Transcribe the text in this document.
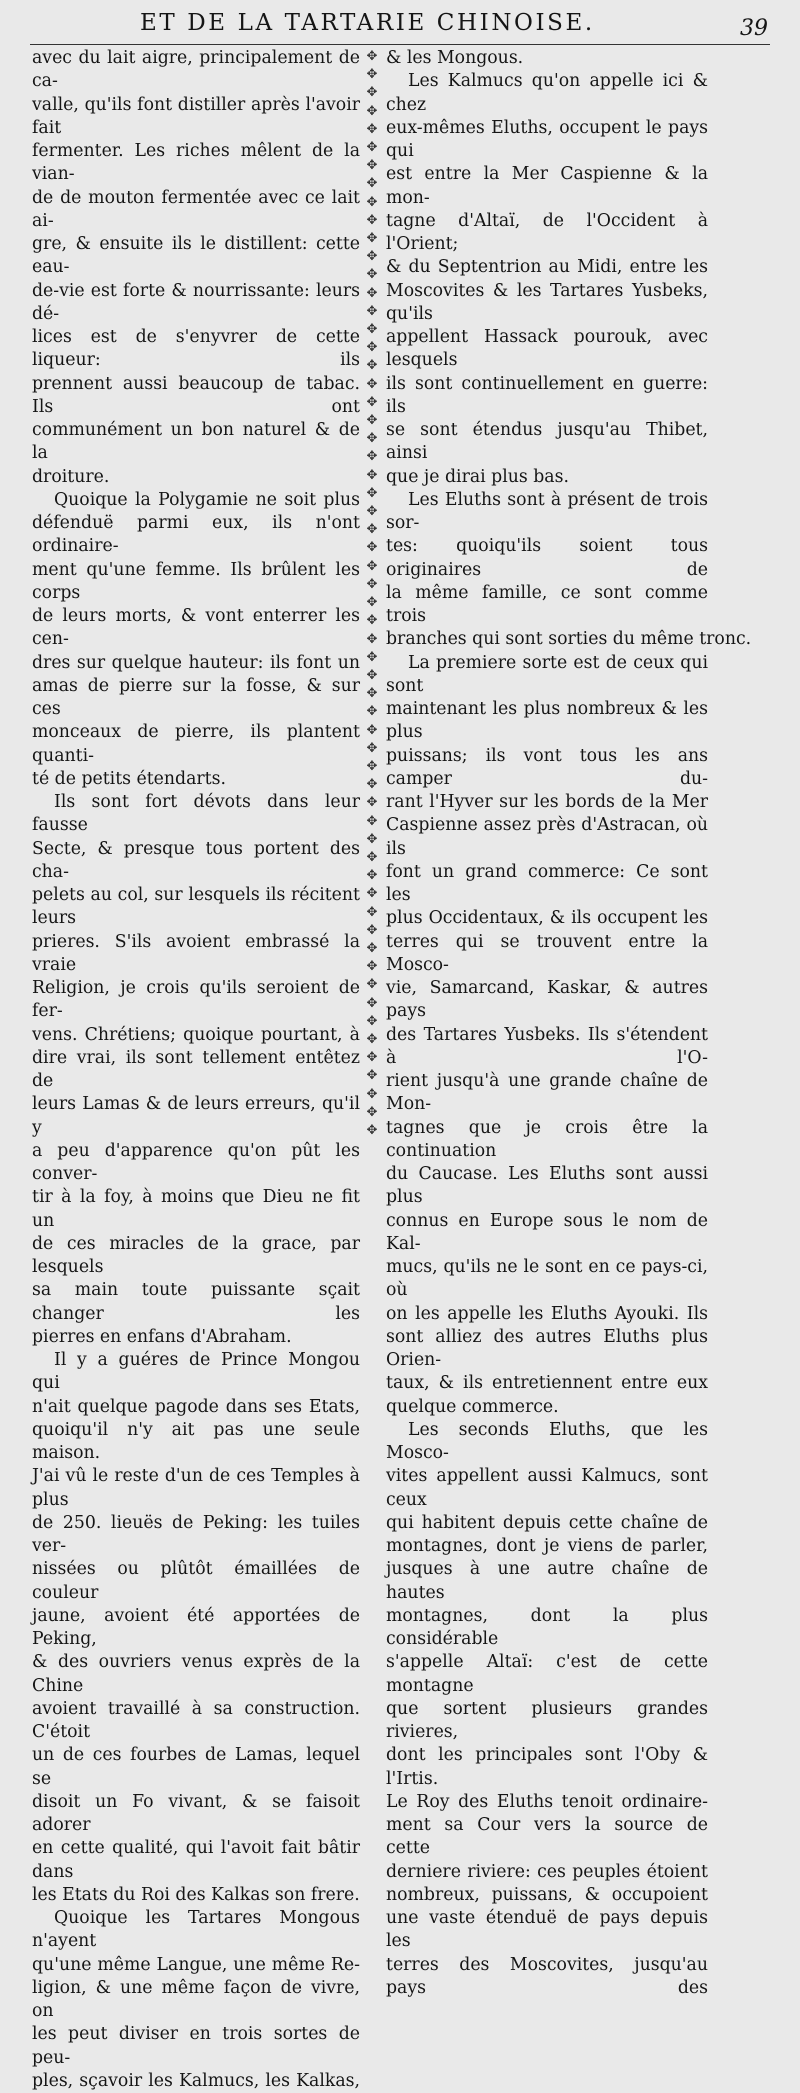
ET DE LA TARTARIE CHINOISE.	39
avec du lait aigre, principalement de ca-
valle, qu'ils font distiller après l'avoir fait
fermenter. Les riches mêlent de la vian-
de de mouton fermentée avec ce lait ai-
gre, & ensuite ils le distillent: cette eau-
de-vie est forte & nourrissante: leurs dé-
lices est de s'enyvrer de cette liqueur: ils
prennent aussi beaucoup de tabac. Ils ont
communément un bon naturel & de la
droiture.
Quoique la Polygamie ne soit plus
défenduë parmi eux, ils n'ont ordinaire-
ment qu'une femme. Ils brûlent les corps
de leurs morts, & vont enterrer les cen-
dres sur quelque hauteur: ils font un
amas de pierre sur la fosse, & sur ces
monceaux de pierre, ils plantent quanti-
té de petits étendarts.
Ils sont fort dévots dans leur fausse
Secte, & presque tous portent des cha-
pelets au col, sur lesquels ils récitent leurs
prieres. S'ils avoient embrassé la vraie
Religion, je crois qu'ils seroient de fer-
vens. Chrétiens; quoique pourtant, à
dire vrai, ils sont tellement entêtez de
leurs Lamas & de leurs erreurs, qu'il y
a peu d'apparence qu'on pût les conver-
tir à la foy, à moins que Dieu ne fit un
de ces miracles de la grace, par lesquels
sa main toute puissante sçait changer les
pierres en enfans d'Abraham.
Il y a guéres de Prince Mongou qui
n'ait quelque pagode dans ses Etats,
quoiqu'il n'y ait pas une seule maison.
J'ai vû le reste d'un de ces Temples à plus
de 250. lieuës de Peking: les tuiles ver-
nissées ou plûtôt émaillées de couleur
jaune, avoient été apportées de Peking,
& des ouvriers venus exprès de la Chine
avoient travaillé à sa construction. C'étoit
un de ces fourbes de Lamas, lequel se
disoit un Fo vivant, & se faisoit adorer
en cette qualité, qui l'avoit fait bâtir dans
les Etats du Roi des Kalkas son frere.
Quoique les Tartares Mongous n'ayent
qu'une même Langue, une même Re-
ligion, & une même façon de vivre, on
les peut diviser en trois sortes de peu-
ples, sçavoir les Kalmucs, les Kalkas,
✥
✥
✥
✥
✥
✥
✥
✥
✥
✥
✥
✥
✥
✥
✥
✥
✥
✥
✥
✥
✥
✥
✥
✥
✥
✥
✥
✥
✥
✥
✥
✥
✥
✥
✥
✥
✥
✥
✥
✥
✥
✥
✥
✥
✥
✥
✥
✥
✥
✥
✥
✥
✥
✥
✥
✥
✥
✥
✥
✥
& les Mongous.
Les Kalmucs qu'on appelle ici & chez
eux-mêmes Eluths, occupent le pays qui
est entre la Mer Caspienne & la mon-
tagne d'Altaï, de l'Occident à l'Orient;
& du Septentrion au Midi, entre les
Moscovites & les Tartares Yusbeks, qu'ils
appellent Hassack pourouk, avec lesquels
ils sont continuellement en guerre: ils
se sont étendus jusqu'au Thibet, ainsi
que je dirai plus bas.
Les Eluths sont à présent de trois sor-
tes: quoiqu'ils soient tous originaires de
la même famille, ce sont comme trois
branches qui sont sorties du même tronc.
La premiere sorte est de ceux qui sont
maintenant les plus nombreux & les plus
puissans; ils vont tous les ans camper du-
rant l'Hyver sur les bords de la Mer
Caspienne assez près d'Astracan, où ils
font un grand commerce: Ce sont les
plus Occidentaux, & ils occupent les
terres qui se trouvent entre la Mosco-
vie, Samarcand, Kaskar, & autres pays
des Tartares Yusbeks. Ils s'étendent à l'O-
rient jusqu'à une grande chaîne de Mon-
tagnes que je crois être la continuation
du Caucase. Les Eluths sont aussi plus
connus en Europe sous le nom de Kal-
mucs, qu'ils ne le sont en ce pays-ci, où
on les appelle les Eluths Ayouki. Ils
sont alliez des autres Eluths plus Orien-
taux, & ils entretiennent entre eux
quelque commerce.
Les seconds Eluths, que les Mosco-
vites appellent aussi Kalmucs, sont ceux
qui habitent depuis cette chaîne de
montagnes, dont je viens de parler,
jusques à une autre chaîne de hautes
montagnes, dont la plus considérable
s'appelle Altaï: c'est de cette montagne
que sortent plusieurs grandes rivieres,
dont les principales sont l'Oby & l'Irtis.
Le Roy des Eluths tenoit ordinaire-
ment sa Cour vers la source de cette
derniere riviere: ces peuples étoient
nombreux, puissans, & occupoient
une vaste étenduë de pays depuis les
terres des Moscovites, jusqu'au pays des
